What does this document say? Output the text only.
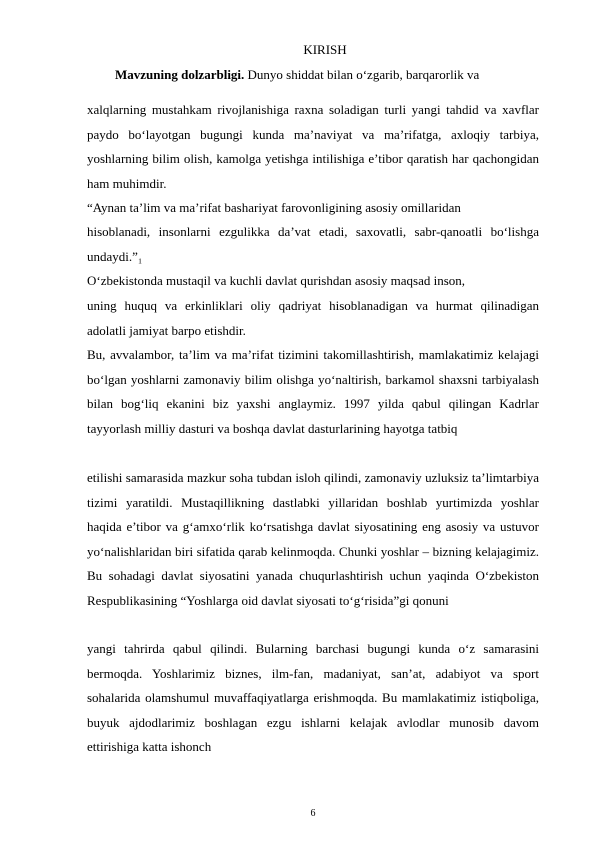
KIRISH
Mavzuning dolzarbligi. Dunyo shiddat bilan o‘zgarib, barqarorlik va
xalqlarning mustahkam rivojlanishiga raxna soladigan turli yangi tahdid va xavflar paydo bo‘layotgan bugungi kunda ma’naviyat va ma’rifatga, axloqiy tarbiya, yoshlarning bilim olish, kamolga yetishga intilishiga e’tibor qaratish har qachongidan ham muhimdir.
“Aynan ta’lim va ma’rifat bashariyat farovonligining asosiy omillaridan
hisoblanadi, insonlarni ezgulikka da’vat etadi, saxovatli, sabr-qanoatli bo‘lishga undaydi.”₁
O‘zbekistonda mustaqil va kuchli davlat qurishdan asosiy maqsad inson,
uning huquq va erkinliklari oliy qadriyat hisoblanadigan va hurmat qilinadigan adolatli jamiyat barpo etishdir.
Bu, avvalambor, ta’lim va ma’rifat tizimini takomillashtirish, mamlakatimiz kelajagi bo‘lgan yoshlarni zamonaviy bilim olishga yo‘naltirish, barkamol shaxsni tarbiyalash bilan bog‘liq ekanini biz yaxshi anglaymiz. 1997 yilda qabul qilingan Kadrlar tayyorlash milliy dasturi va boshqa davlat dasturlarining hayotga tatbiq
etilishi samarasida mazkur soha tubdan isloh qilindi, zamonaviy uzluksiz ta’limtarbiya tizimi yaratildi. Mustaqillikning dastlabki yillaridan boshlab yurtimizda yoshlar haqida e’tibor va g‘amxo‘rlik ko‘rsatishga davlat siyosatining eng asosiy va ustuvor yo‘nalishlaridan biri sifatida qarab kelinmoqda. Chunki yoshlar – bizning kelajagimiz. Bu sohadagi davlat siyosatini yanada chuqurlashtirish uchun yaqinda O‘zbekiston Respublikasining “Yoshlarga oid davlat siyosati to‘g‘risida”gi qonuni
yangi tahrirda qabul qilindi. Bularning barchasi bugungi kunda o‘z samarasini bermoqda. Yoshlarimiz biznes, ilm-fan, madaniyat, san’at, adabiyot va sport sohalarida olamshumul muvaffaqiyatlarga erishmoqda. Bu mamlakatimiz istiqboliga, buyuk ajdodlarimiz boshlagan ezgu ishlarni kelajak avlodlar munosib davom ettirishiga katta ishonch
6
